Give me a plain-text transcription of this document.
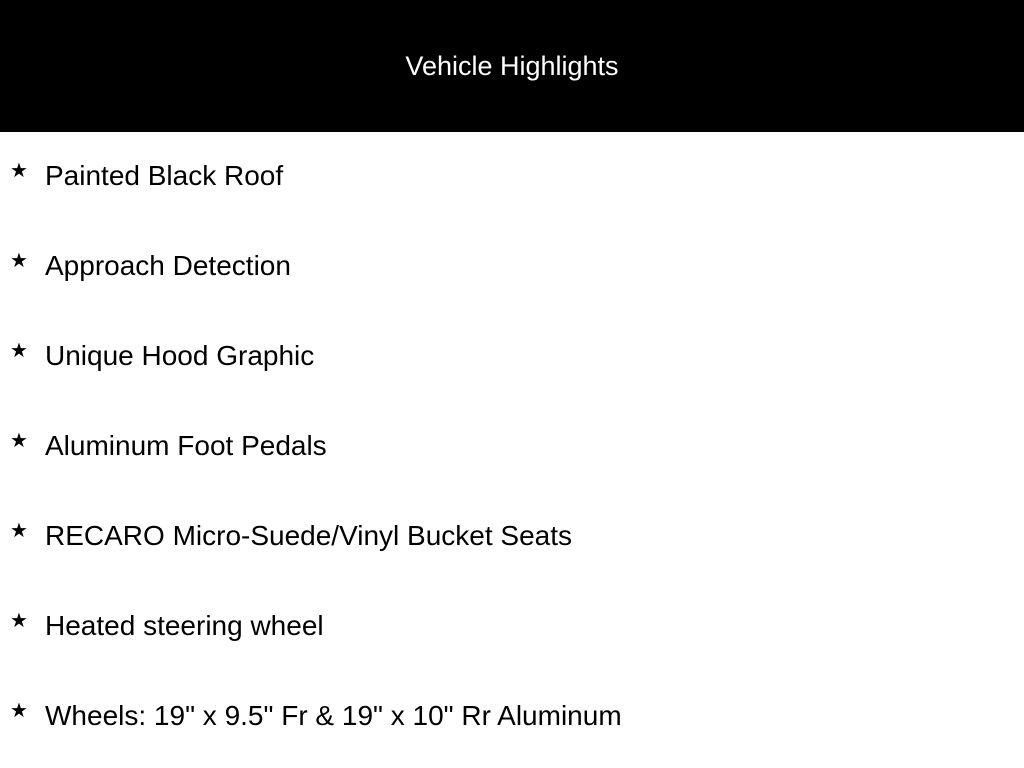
Vehicle Highlights
★ Painted Black Roof
★ Approach Detection
★ Unique Hood Graphic
★ Aluminum Foot Pedals
★ RECARO Micro-Suede/Vinyl Bucket Seats
★ Heated steering wheel
★ Wheels: 19" x 9.5" Fr & 19" x 10" Rr Aluminum
